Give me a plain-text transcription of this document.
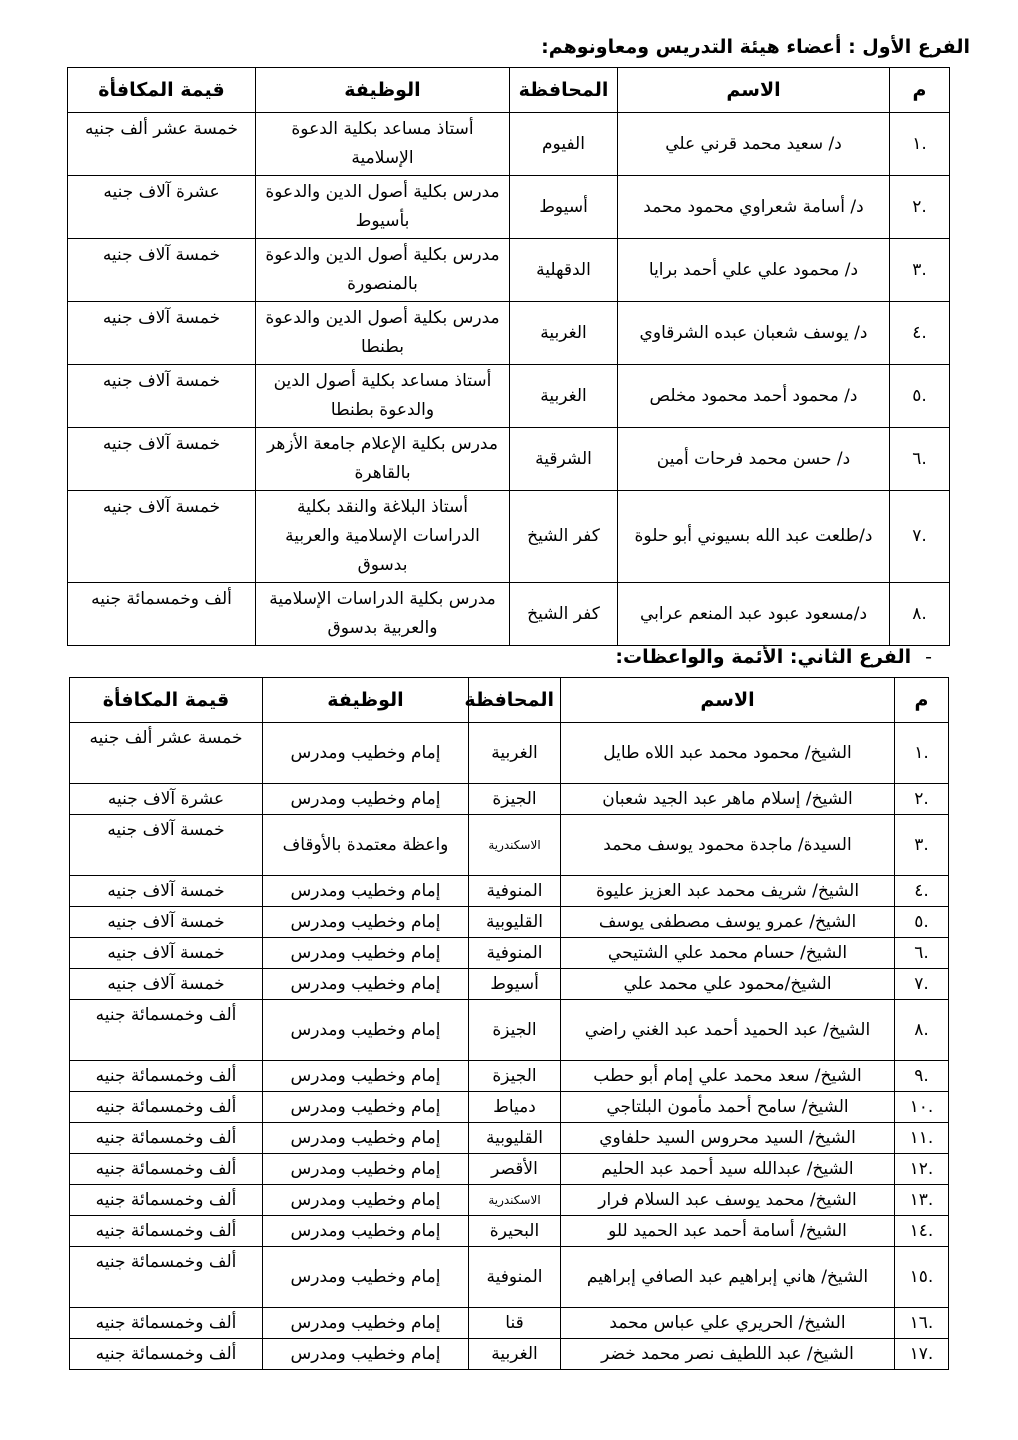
الفرع الأول : أعضاء هيئة التدريس ومعاونوهم:
م	الاسم	المحافظة	الوظيفة	قيمة المكافأة
.١	د/ سعيد محمد قرني علي	الفيوم	أستاذ مساعد بكلية الدعوة الإسلامية	خمسة عشر ألف جنيه
.٢	د/ أسامة شعراوي محمود محمد	أسيوط	مدرس بكلية أصول الدين والدعوة بأسيوط	عشرة آلاف جنيه
.٣	د/ محمود علي علي أحمد برايا	الدقهلية	مدرس بكلية أصول الدين والدعوة بالمنصورة	خمسة آلاف جنيه
.٤	د/ يوسف شعبان عبده الشرقاوي	الغربية	مدرس بكلية أصول الدين والدعوة بطنطا	خمسة آلاف جنيه
.٥	د/ محمود أحمد محمود مخلص	الغربية	أستاذ مساعد بكلية أصول الدين والدعوة بطنطا	خمسة آلاف جنيه
.٦	د/ حسن محمد فرحات أمين	الشرقية	مدرس بكلية الإعلام جامعة الأزهر بالقاهرة	خمسة آلاف جنيه
.٧	د/طلعت عبد الله بسيوني أبو حلوة	كفر الشيخ	أستاذ البلاغة والنقد بكلية الدراسات الإسلامية والعربية بدسوق	خمسة آلاف جنيه
.٨	د/مسعود عبود عبد المنعم عرابي	كفر الشيخ	مدرس بكلية الدراسات الإسلامية والعربية بدسوق	ألف وخمسمائة جنيه
-الفرع الثاني: الأئمة والواعظات:
م	الاسم	المحافظة	الوظيفة	قيمة المكافأة
.١	الشيخ/ محمود محمد عبد اللاه طايل	الغربية	إمام وخطيب ومدرس	خمسة عشر ألف جنيه
.٢	الشيخ/ إسلام ماهر عبد الجيد شعبان	الجيزة	إمام وخطيب ومدرس	عشرة آلاف جنيه
.٣	السيدة/ ماجدة محمود يوسف محمد	الاسكندرية	واعظة معتمدة بالأوقاف	خمسة آلاف جنيه
.٤	الشيخ/ شريف محمد عبد العزيز عليوة	المنوفية	إمام وخطيب ومدرس	خمسة آلاف جنيه
.٥	الشيخ/ عمرو يوسف مصطفى يوسف	القليوبية	إمام وخطيب ومدرس	خمسة آلاف جنيه
.٦	الشيخ/ حسام محمد علي الشتيحي	المنوفية	إمام وخطيب ومدرس	خمسة آلاف جنيه
.٧	الشيخ/محمود علي محمد علي	أسيوط	إمام وخطيب ومدرس	خمسة آلاف جنيه
.٨	الشيخ/ عبد الحميد أحمد عبد الغني راضي	الجيزة	إمام وخطيب ومدرس	ألف وخمسمائة جنيه
.٩	الشيخ/ سعد محمد علي إمام أبو حطب	الجيزة	إمام وخطيب ومدرس	ألف وخمسمائة جنيه
.١٠	الشيخ/ سامح أحمد مأمون البلتاجي	دمياط	إمام وخطيب ومدرس	ألف وخمسمائة جنيه
.١١	الشيخ/ السيد محروس السيد حلفاوي	القليوبية	إمام وخطيب ومدرس	ألف وخمسمائة جنيه
.١٢	الشيخ/ عبدالله سيد أحمد عبد الحليم	الأقصر	إمام وخطيب ومدرس	ألف وخمسمائة جنيه
.١٣	الشيخ/ محمد يوسف عبد السلام فرار	الاسكندرية	إمام وخطيب ومدرس	ألف وخمسمائة جنيه
.١٤	الشيخ/ أسامة أحمد عبد الحميد للو	البحيرة	إمام وخطيب ومدرس	ألف وخمسمائة جنيه
.١٥	الشيخ/ هاني إبراهيم عبد الصافي إبراهيم	المنوفية	إمام وخطيب ومدرس	ألف وخمسمائة جنيه
.١٦	الشيخ/ الحريري علي عباس محمد	قنا	إمام وخطيب ومدرس	ألف وخمسمائة جنيه
.١٧	الشيخ/ عبد اللطيف نصر محمد خضر	الغربية	إمام وخطيب ومدرس	ألف وخمسمائة جنيه
